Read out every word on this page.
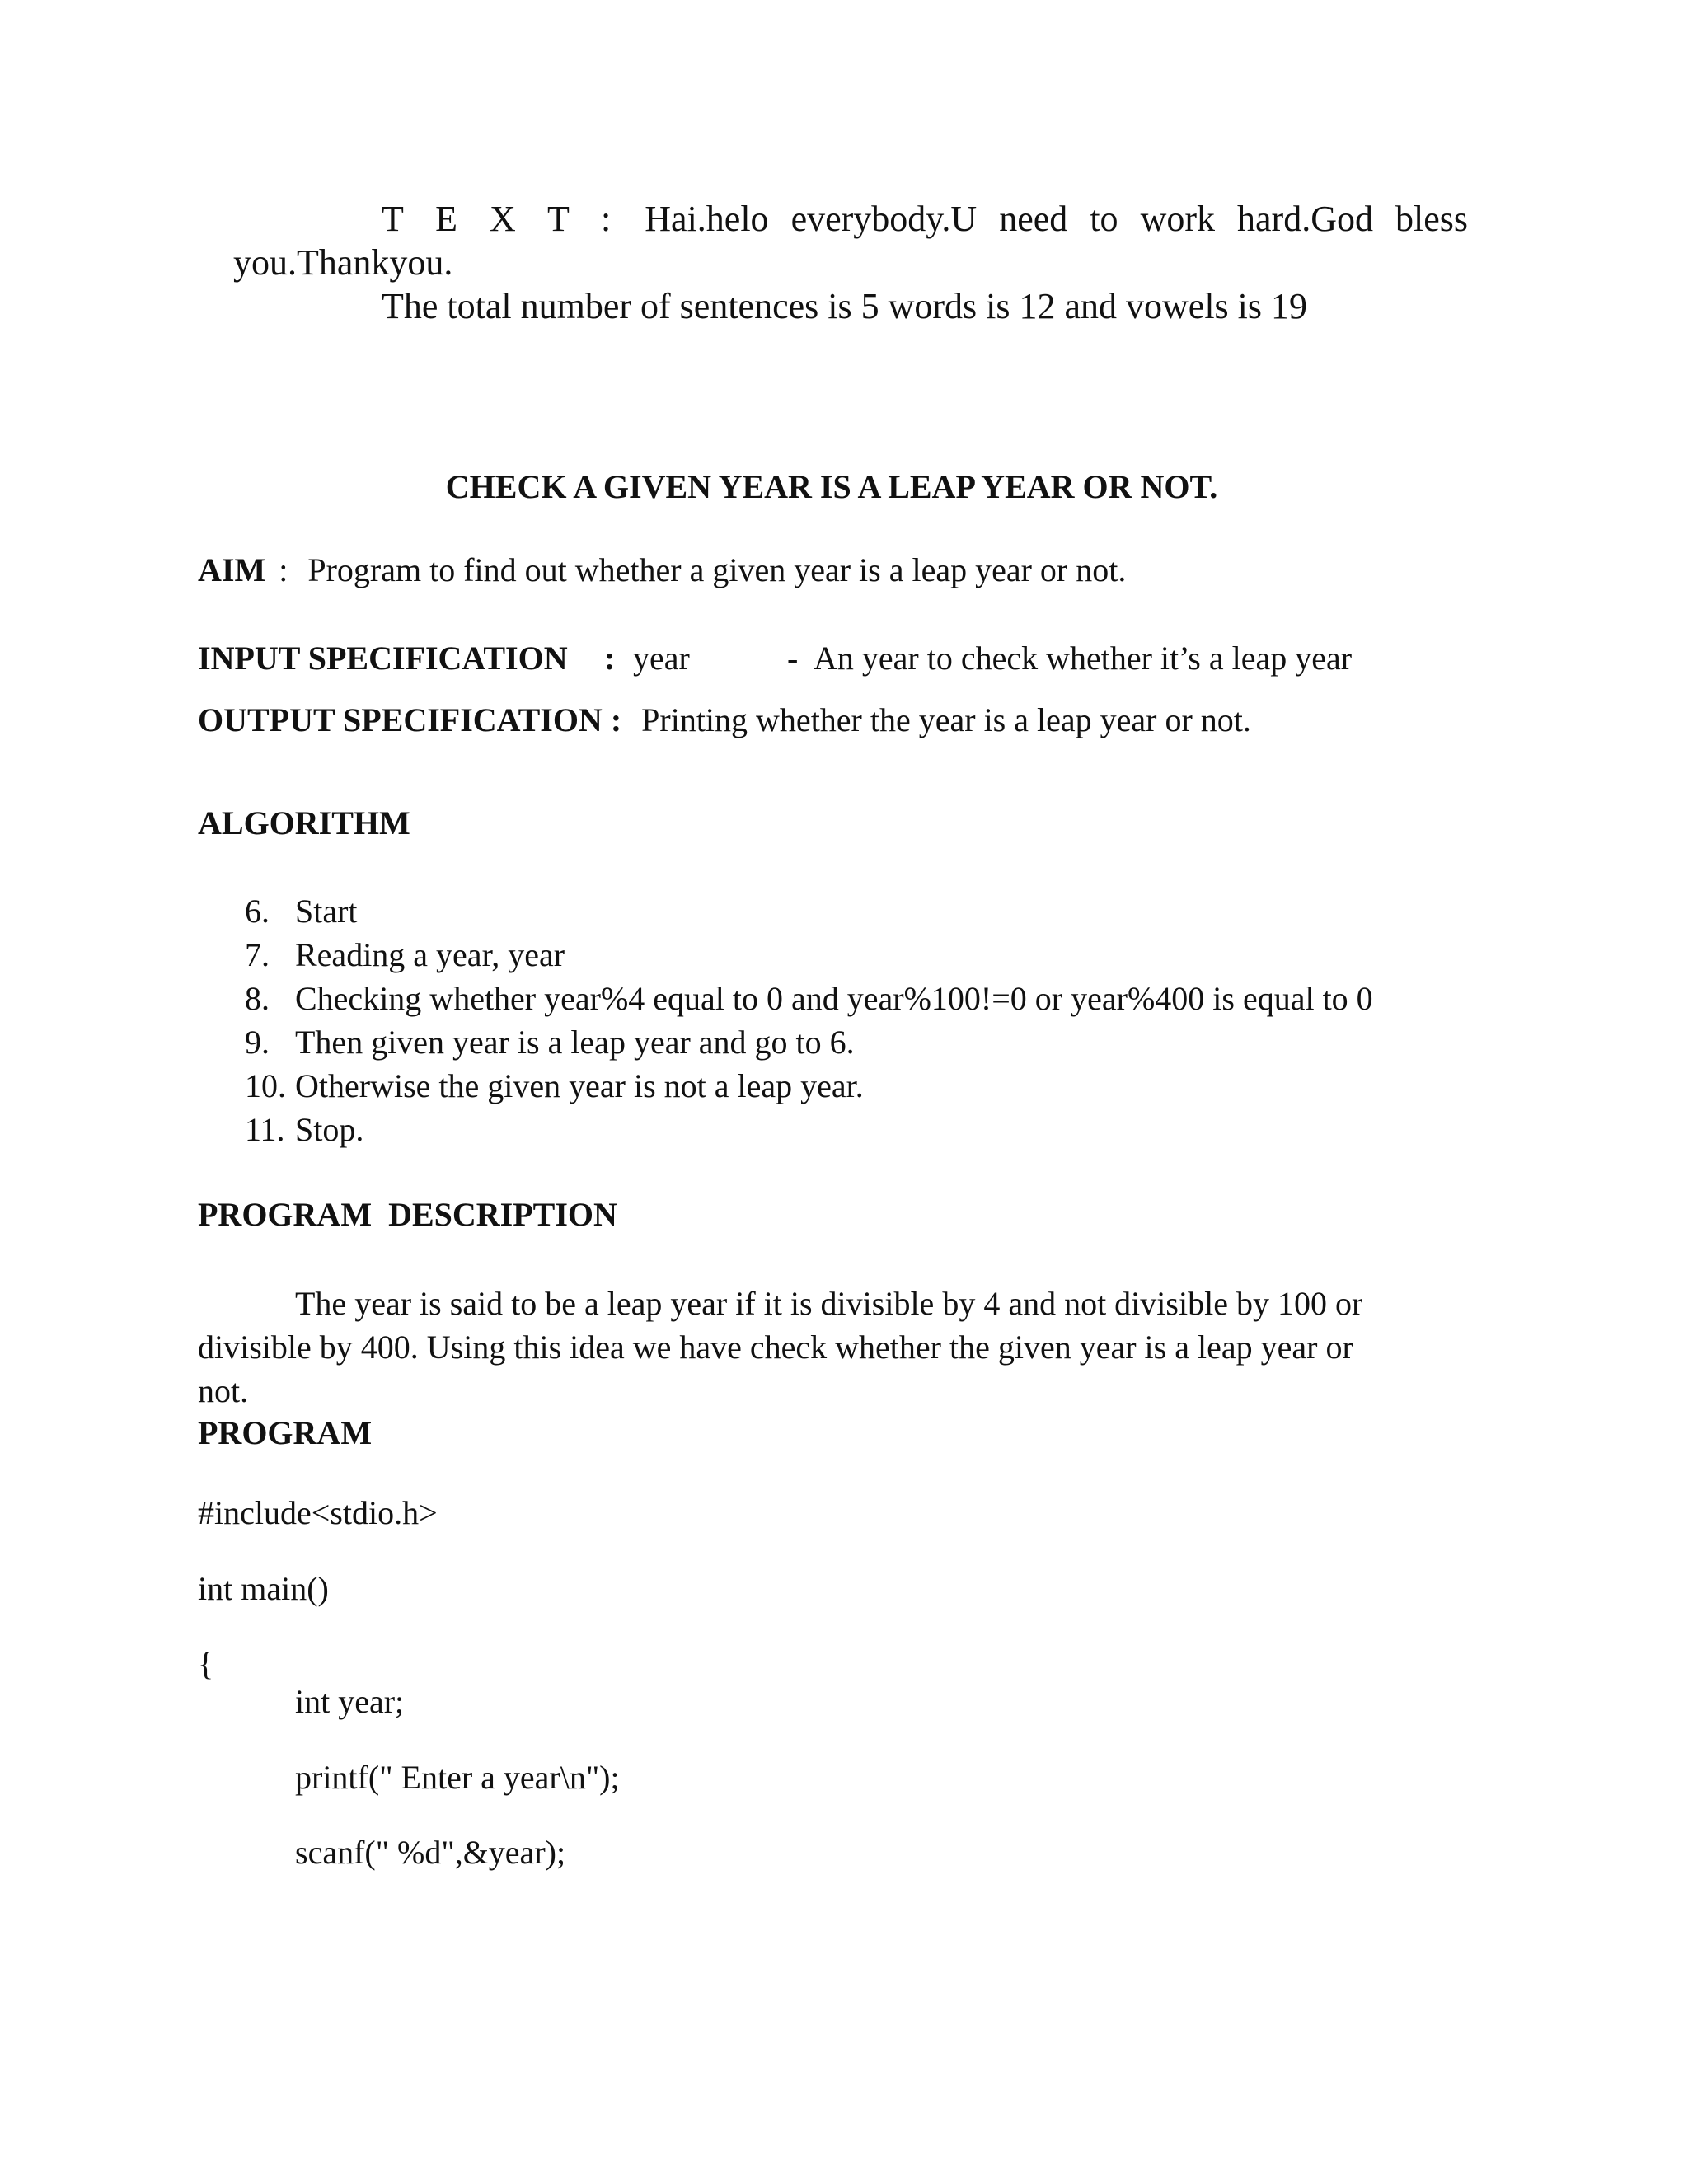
T E X T : Hai.helo everybody.U need to work hard.God bless
you.Thankyou.
The total number of sentences is 5 words is 12 and vowels is 19
CHECK A GIVEN YEAR IS A LEAP YEAR OR NOT.
AIM : Program to find out whether a given year is a leap year or not.
INPUT SPECIFICATION : year	- An year to check whether it’s a leap year
OUTPUT SPECIFICATION : Printing whether the year is a leap year or not.
ALGORITHM
6. Start
7. Reading a year, year
8. Checking whether year%4 equal to 0 and year%100!=0 or year%400 is equal to 0
9. Then given year is a leap year and go to 6.
10. Otherwise the given year is not a leap year.
11. Stop.
PROGRAM  DESCRIPTION
The year is said to be a leap year if it is divisible by 4 and not divisible by 100 or divisible by 400. Using this idea we have check whether the given year is a leap year or not.
PROGRAM
#include<stdio.h>
int main()
{
int year;
printf(" Enter a year\n");
scanf(" %d",&year);
